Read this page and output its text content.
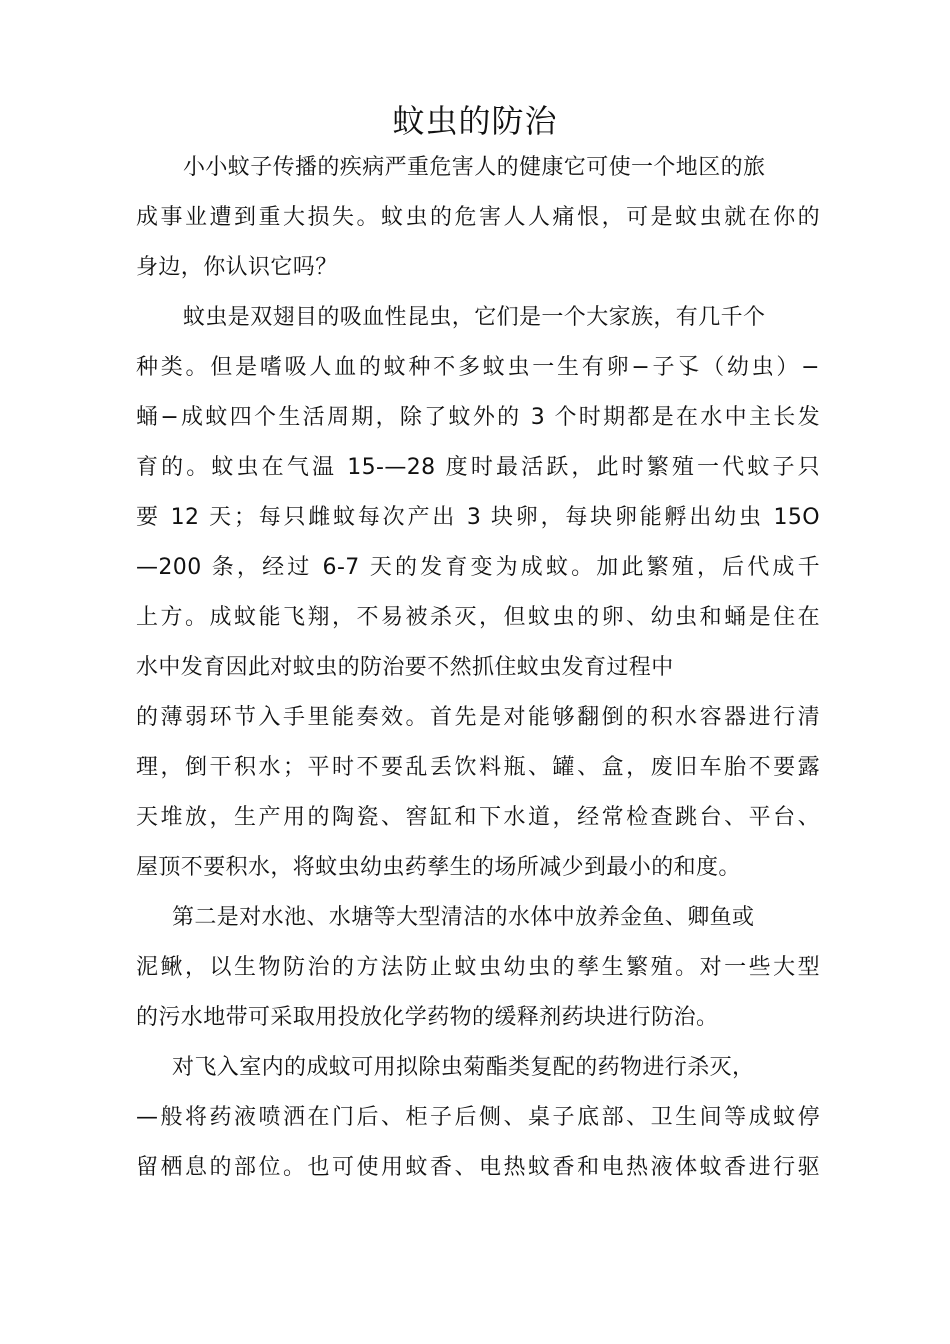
蚊虫的防治
小小蚊子传播的疾病严重危害人的健康它可使一个地区的旅
成事业遭到重大损失。蚊虫的危害人人痛恨，可是蚊虫就在你的
身边，你认识它吗？
蚊虫是双翅目的吸血性昆虫，它们是一个大家族，有几千个
种类。但是嗜吸人血的蚊种不多蚊虫一生有卵−子孓（幼虫）−
蛹−成蚊四个生活周期，除了蚊外的 3 个时期都是在水中主长发
育的。蚊虫在气温 15-—28 度时最活跃，此时繁殖一代蚊子只
要 12 天；每只雌蚊每次产出 3 块卵，每块卵能孵出幼虫 15O
—200 条，经过 6-7 天的发育变为成蚊。加此繁殖，后代成千
上方。成蚊能飞翔，不易被杀灭，但蚊虫的卵、幼虫和蛹是住在
水中发育因此对蚊虫的防治要不然抓住蚊虫发育过程中
的薄弱环节入手里能奏效。首先是对能够翻倒的积水容器进行清
理，倒干积水；平时不要乱丢饮料瓶、罐、盒，废旧车胎不要露
天堆放，生产用的陶瓷、窖缸和下水道，经常检查跳台、平台、
屋顶不要积水，将蚊虫幼虫药孳生的场所减少到最小的和度。
第二是对水池、水塘等大型清洁的水体中放养金鱼、卿鱼或
泥鳅，以生物防治的方法防止蚊虫幼虫的孳生繁殖。对一些大型
的污水地带可采取用投放化学药物的缓释剂药块进行防治。
对飞入室内的成蚊可用拟除虫菊酯类复配的药物进行杀灭，
—般将药液喷洒在门后、柜子后侧、桌子底部、卫生间等成蚊停
留栖息的部位。也可使用蚊香、电热蚊香和电热液体蚊香进行驱
